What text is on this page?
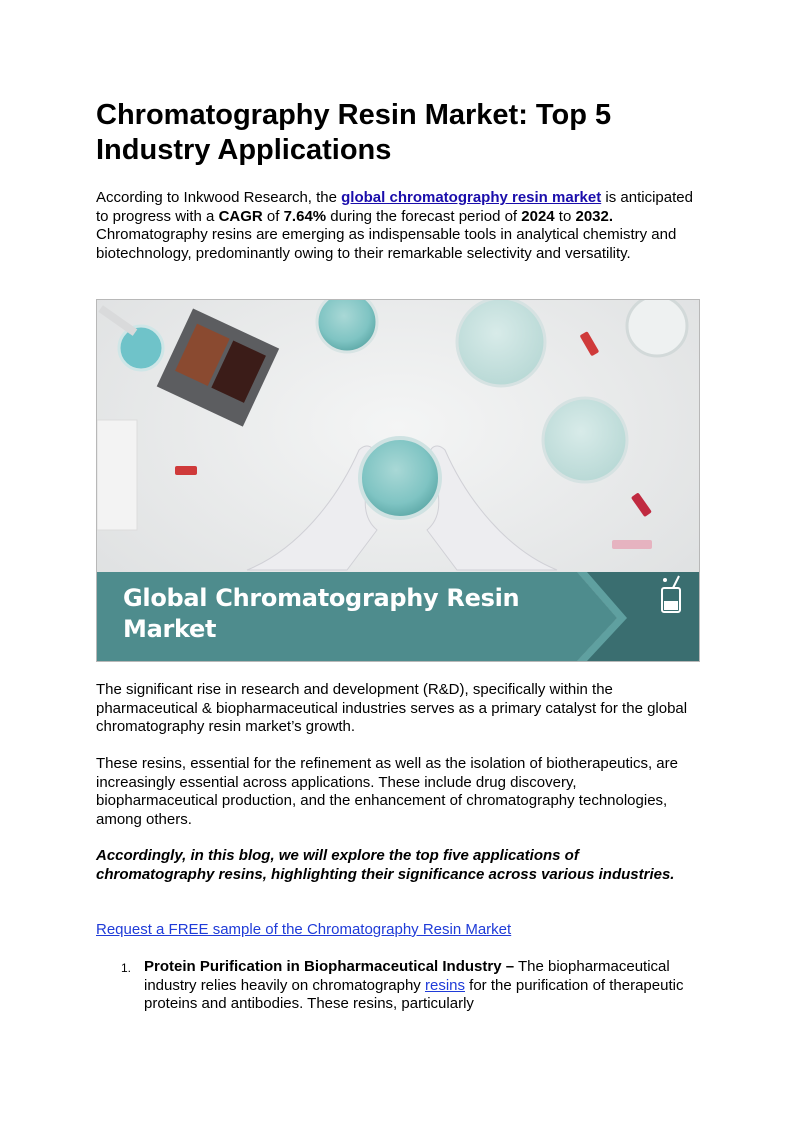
Chromatography Resin Market: Top 5 Industry Applications

According to Inkwood Research, the global chromatography resin market is anticipated to progress with a CAGR of 7.64% during the forecast period of 2024 to 2032. Chromatography resins are emerging as indispensable tools in analytical chemistry and biotechnology, predominantly owing to their remarkable selectivity and versatility.

Global Chromatography Resin
Market

The significant rise in research and development (R&D), specifically within the pharmaceutical & biopharmaceutical industries serves as a primary catalyst for the global chromatography resin market’s growth.

These resins, essential for the refinement as well as the isolation of biotherapeutics, are increasingly essential across applications. These include drug discovery, biopharmaceutical production, and the enhancement of chromatography technologies, among others.

Accordingly, in this blog, we will explore the top five applications of chromatography resins, highlighting their significance across various industries.

Request a FREE sample of the Chromatography Resin Market

1. Protein Purification in Biopharmaceutical Industry – The biopharmaceutical industry relies heavily on chromatography resins for the purification of therapeutic proteins and antibodies. These resins, particularly
